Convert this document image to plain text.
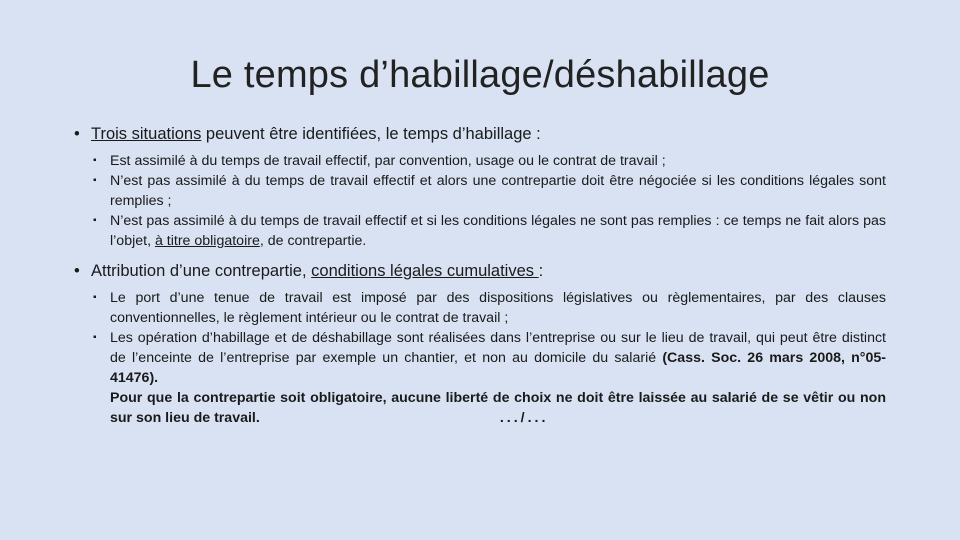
Le temps d’habillage/déshabillage
• Trois situations peuvent être identifiées, le temps d’habillage :
▪ Est assimilé à du temps de travail effectif, par convention, usage ou le contrat de travail ;
▪ N’est pas assimilé à du temps de travail effectif et alors une contrepartie doit être négociée si les conditions légales sont remplies ;
▪ N’est pas assimilé à du temps de travail effectif et si les conditions légales ne sont pas remplies : ce temps ne fait alors pas l’objet, à titre obligatoire, de contrepartie.
• Attribution d’une contrepartie, conditions légales cumulatives :
▪ Le port d’une tenue de travail est imposé par des dispositions législatives ou règlementaires, par des clauses conventionnelles, le règlement intérieur ou le contrat de travail ;
▪ Les opération d’habillage et de déshabillage sont réalisées dans l’entreprise ou sur le lieu de travail, qui peut être distinct de l’enceinte de l’entreprise par exemple un chantier, et non au domicile du salarié (Cass. Soc. 26 mars 2008, n°05-41476).
Pour que la contrepartie soit obligatoire, aucune liberté de choix ne doit être laissée au salarié de se vêtir ou non sur son lieu de travail.	.../...
